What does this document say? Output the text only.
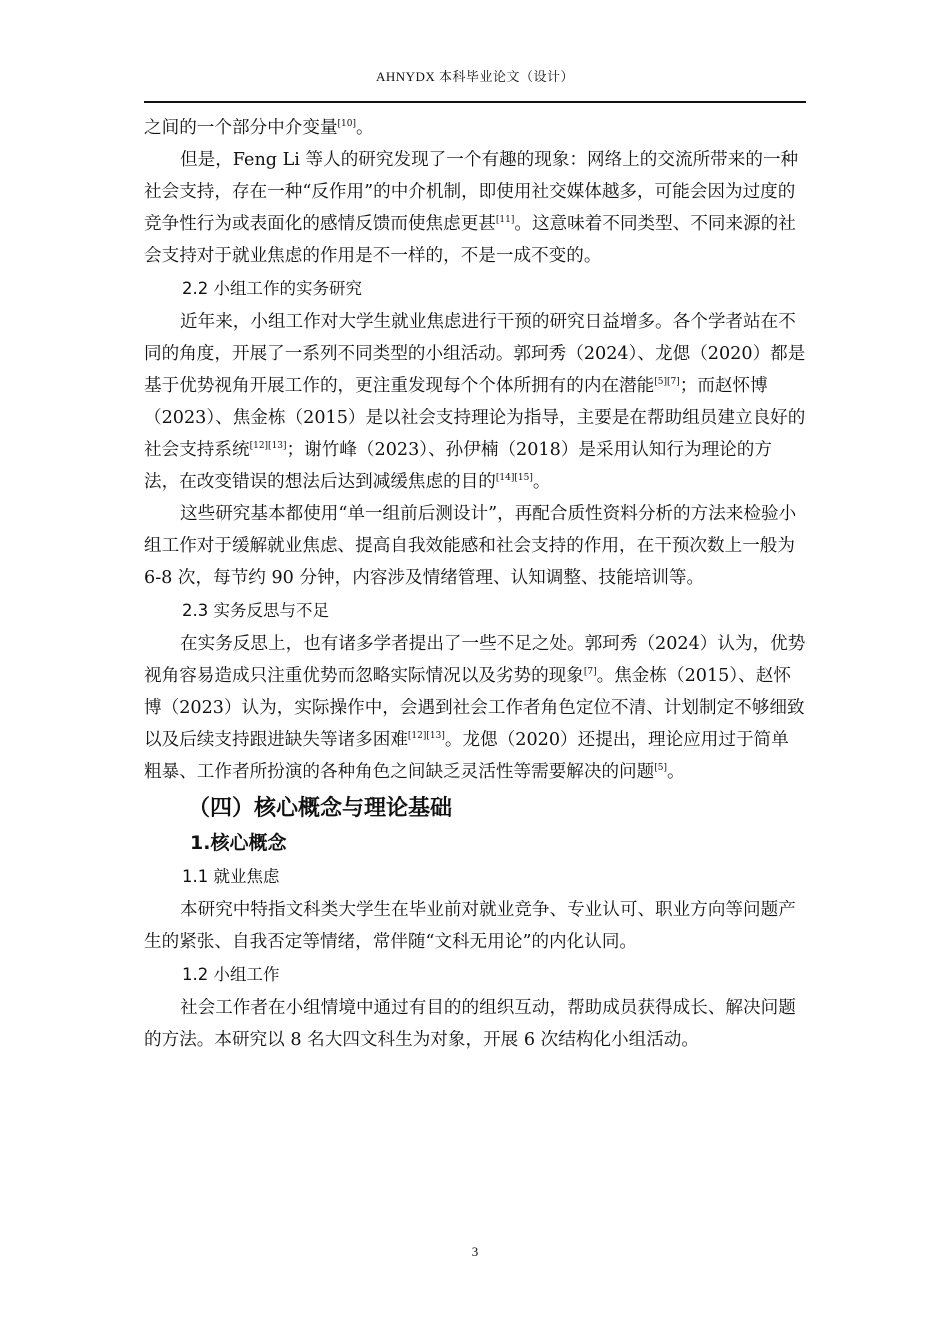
AHNYDX 本科毕业论文（设计）

之间的一个部分中介变量[10]。

但是，Feng Li 等人的研究发现了一个有趣的现象：网络上的交流所带来的一种社会支持，存在一种“反作用”的中介机制，即使用社交媒体越多，可能会因为过度的竞争性行为或表面化的感情反馈而使焦虑更甚[11]。这意味着不同类型、不同来源的社会支持对于就业焦虑的作用是不一样的，不是一成不变的。

2.2 小组工作的实务研究

近年来，小组工作对大学生就业焦虑进行干预的研究日益增多。各个学者站在不同的角度，开展了一系列不同类型的小组活动。郭珂秀（2024）、龙偲（2020）都是基于优势视角开展工作的，更注重发现每个个体所拥有的内在潜能[5][7]；而赵怀博（2023）、焦金栋（2015）是以社会支持理论为指导，主要是在帮助组员建立良好的社会支持系统[12][13]；谢竹峰（2023）、孙伊楠（2018）是采用认知行为理论的方法，在改变错误的想法后达到减缓焦虑的目的[14][15]。

这些研究基本都使用“单一组前后测设计”，再配合质性资料分析的方法来检验小组工作对于缓解就业焦虑、提高自我效能感和社会支持的作用，在干预次数上一般为 6-8 次，每节约 90 分钟，内容涉及情绪管理、认知调整、技能培训等。

2.3 实务反思与不足

在实务反思上，也有诸多学者提出了一些不足之处。郭珂秀（2024）认为，优势视角容易造成只注重优势而忽略实际情况以及劣势的现象[7]。焦金栋（2015）、赵怀博（2023）认为，实际操作中，会遇到社会工作者角色定位不清、计划制定不够细致以及后续支持跟进缺失等诸多困难[12][13]。龙偲（2020）还提出，理论应用过于简单粗暴、工作者所扮演的各种角色之间缺乏灵活性等需要解决的问题[5]。

（四）核心概念与理论基础

1.核心概念

1.1 就业焦虑

本研究中特指文科类大学生在毕业前对就业竞争、专业认可、职业方向等问题产生的紧张、自我否定等情绪，常伴随“文科无用论”的内化认同。

1.2 小组工作

社会工作者在小组情境中通过有目的的组织互动，帮助成员获得成长、解决问题的方法。本研究以 8 名大四文科生为对象，开展 6 次结构化小组活动。

3
